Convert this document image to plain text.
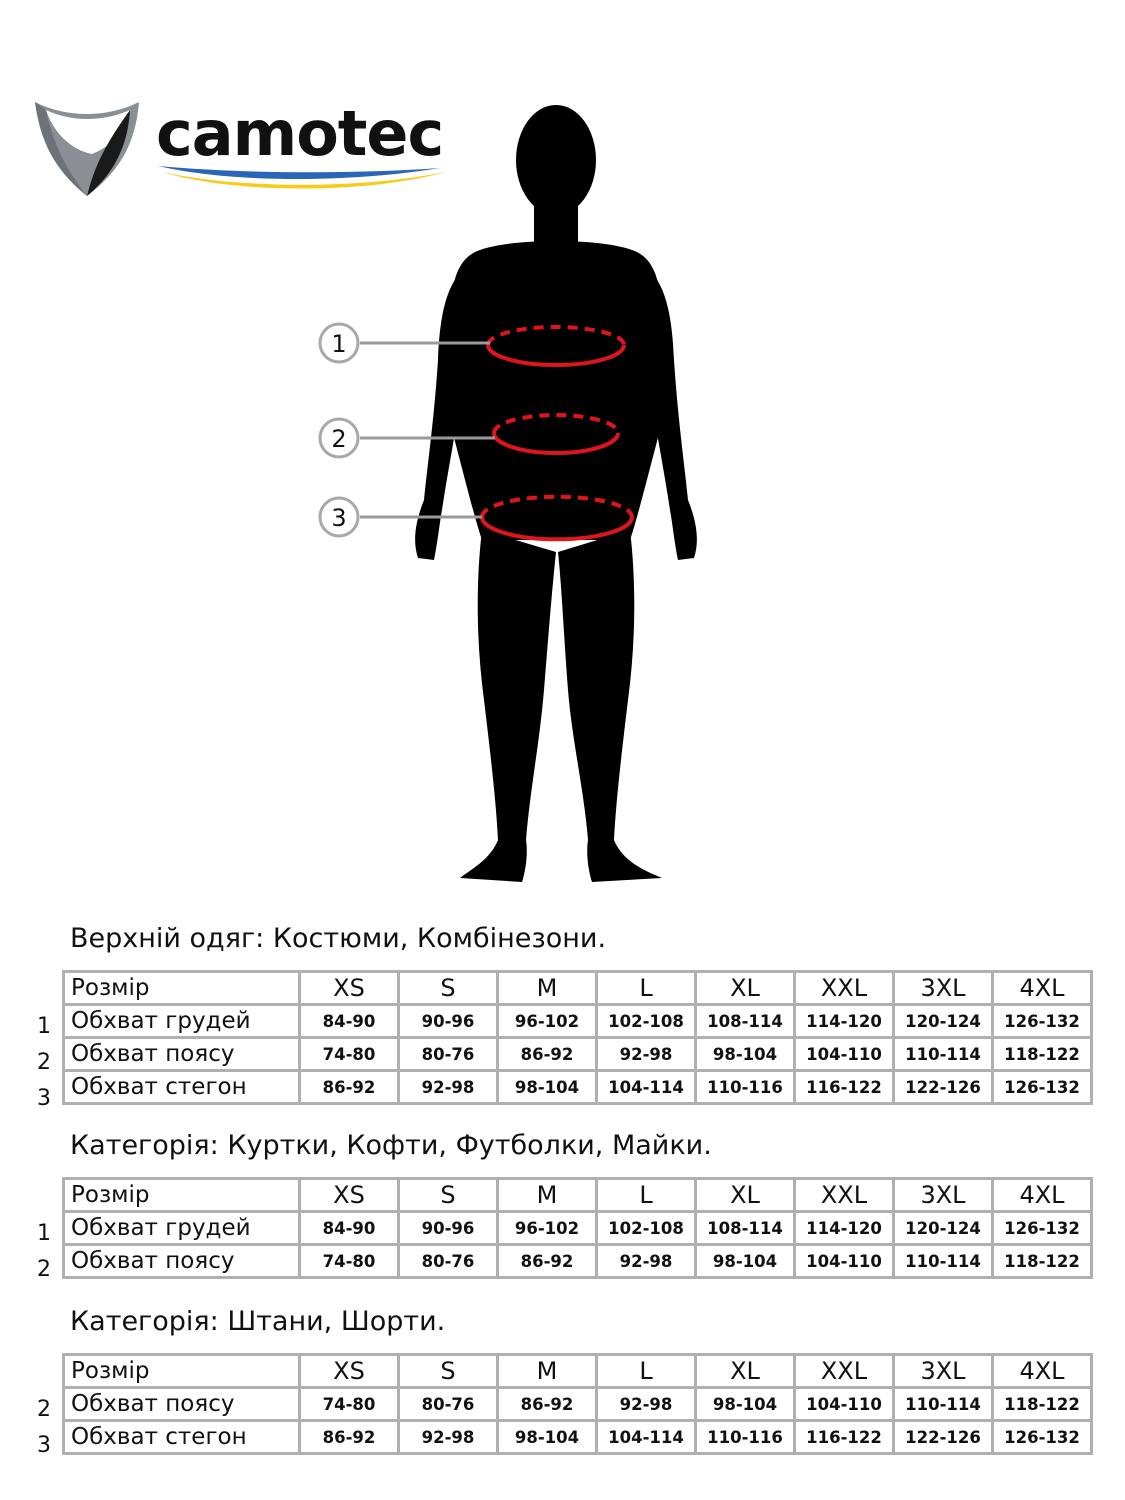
camotec
1
2
3
Верхній одяг: Костюми, Комбінезони.
1
2
3
Розмір	XS	S	M	L	XL	XXL	3XL	4XL
Обхват грудей	84-90	90-96	96-102	102-108	108-114	114-120	120-124	126-132
Обхват поясу	74-80	80-76	86-92	92-98	98-104	104-110	110-114	118-122
Обхват стегон	86-92	92-98	98-104	104-114	110-116	116-122	122-126	126-132
Категорія: Куртки, Кофти, Футболки, Майки.
1
2
Розмір	XS	S	M	L	XL	XXL	3XL	4XL
Обхват грудей	84-90	90-96	96-102	102-108	108-114	114-120	120-124	126-132
Обхват поясу	74-80	80-76	86-92	92-98	98-104	104-110	110-114	118-122
Категорія: Штани, Шорти.
2
3
Розмір	XS	S	M	L	XL	XXL	3XL	4XL
Обхват поясу	74-80	80-76	86-92	92-98	98-104	104-110	110-114	118-122
Обхват стегон	86-92	92-98	98-104	104-114	110-116	116-122	122-126	126-132
